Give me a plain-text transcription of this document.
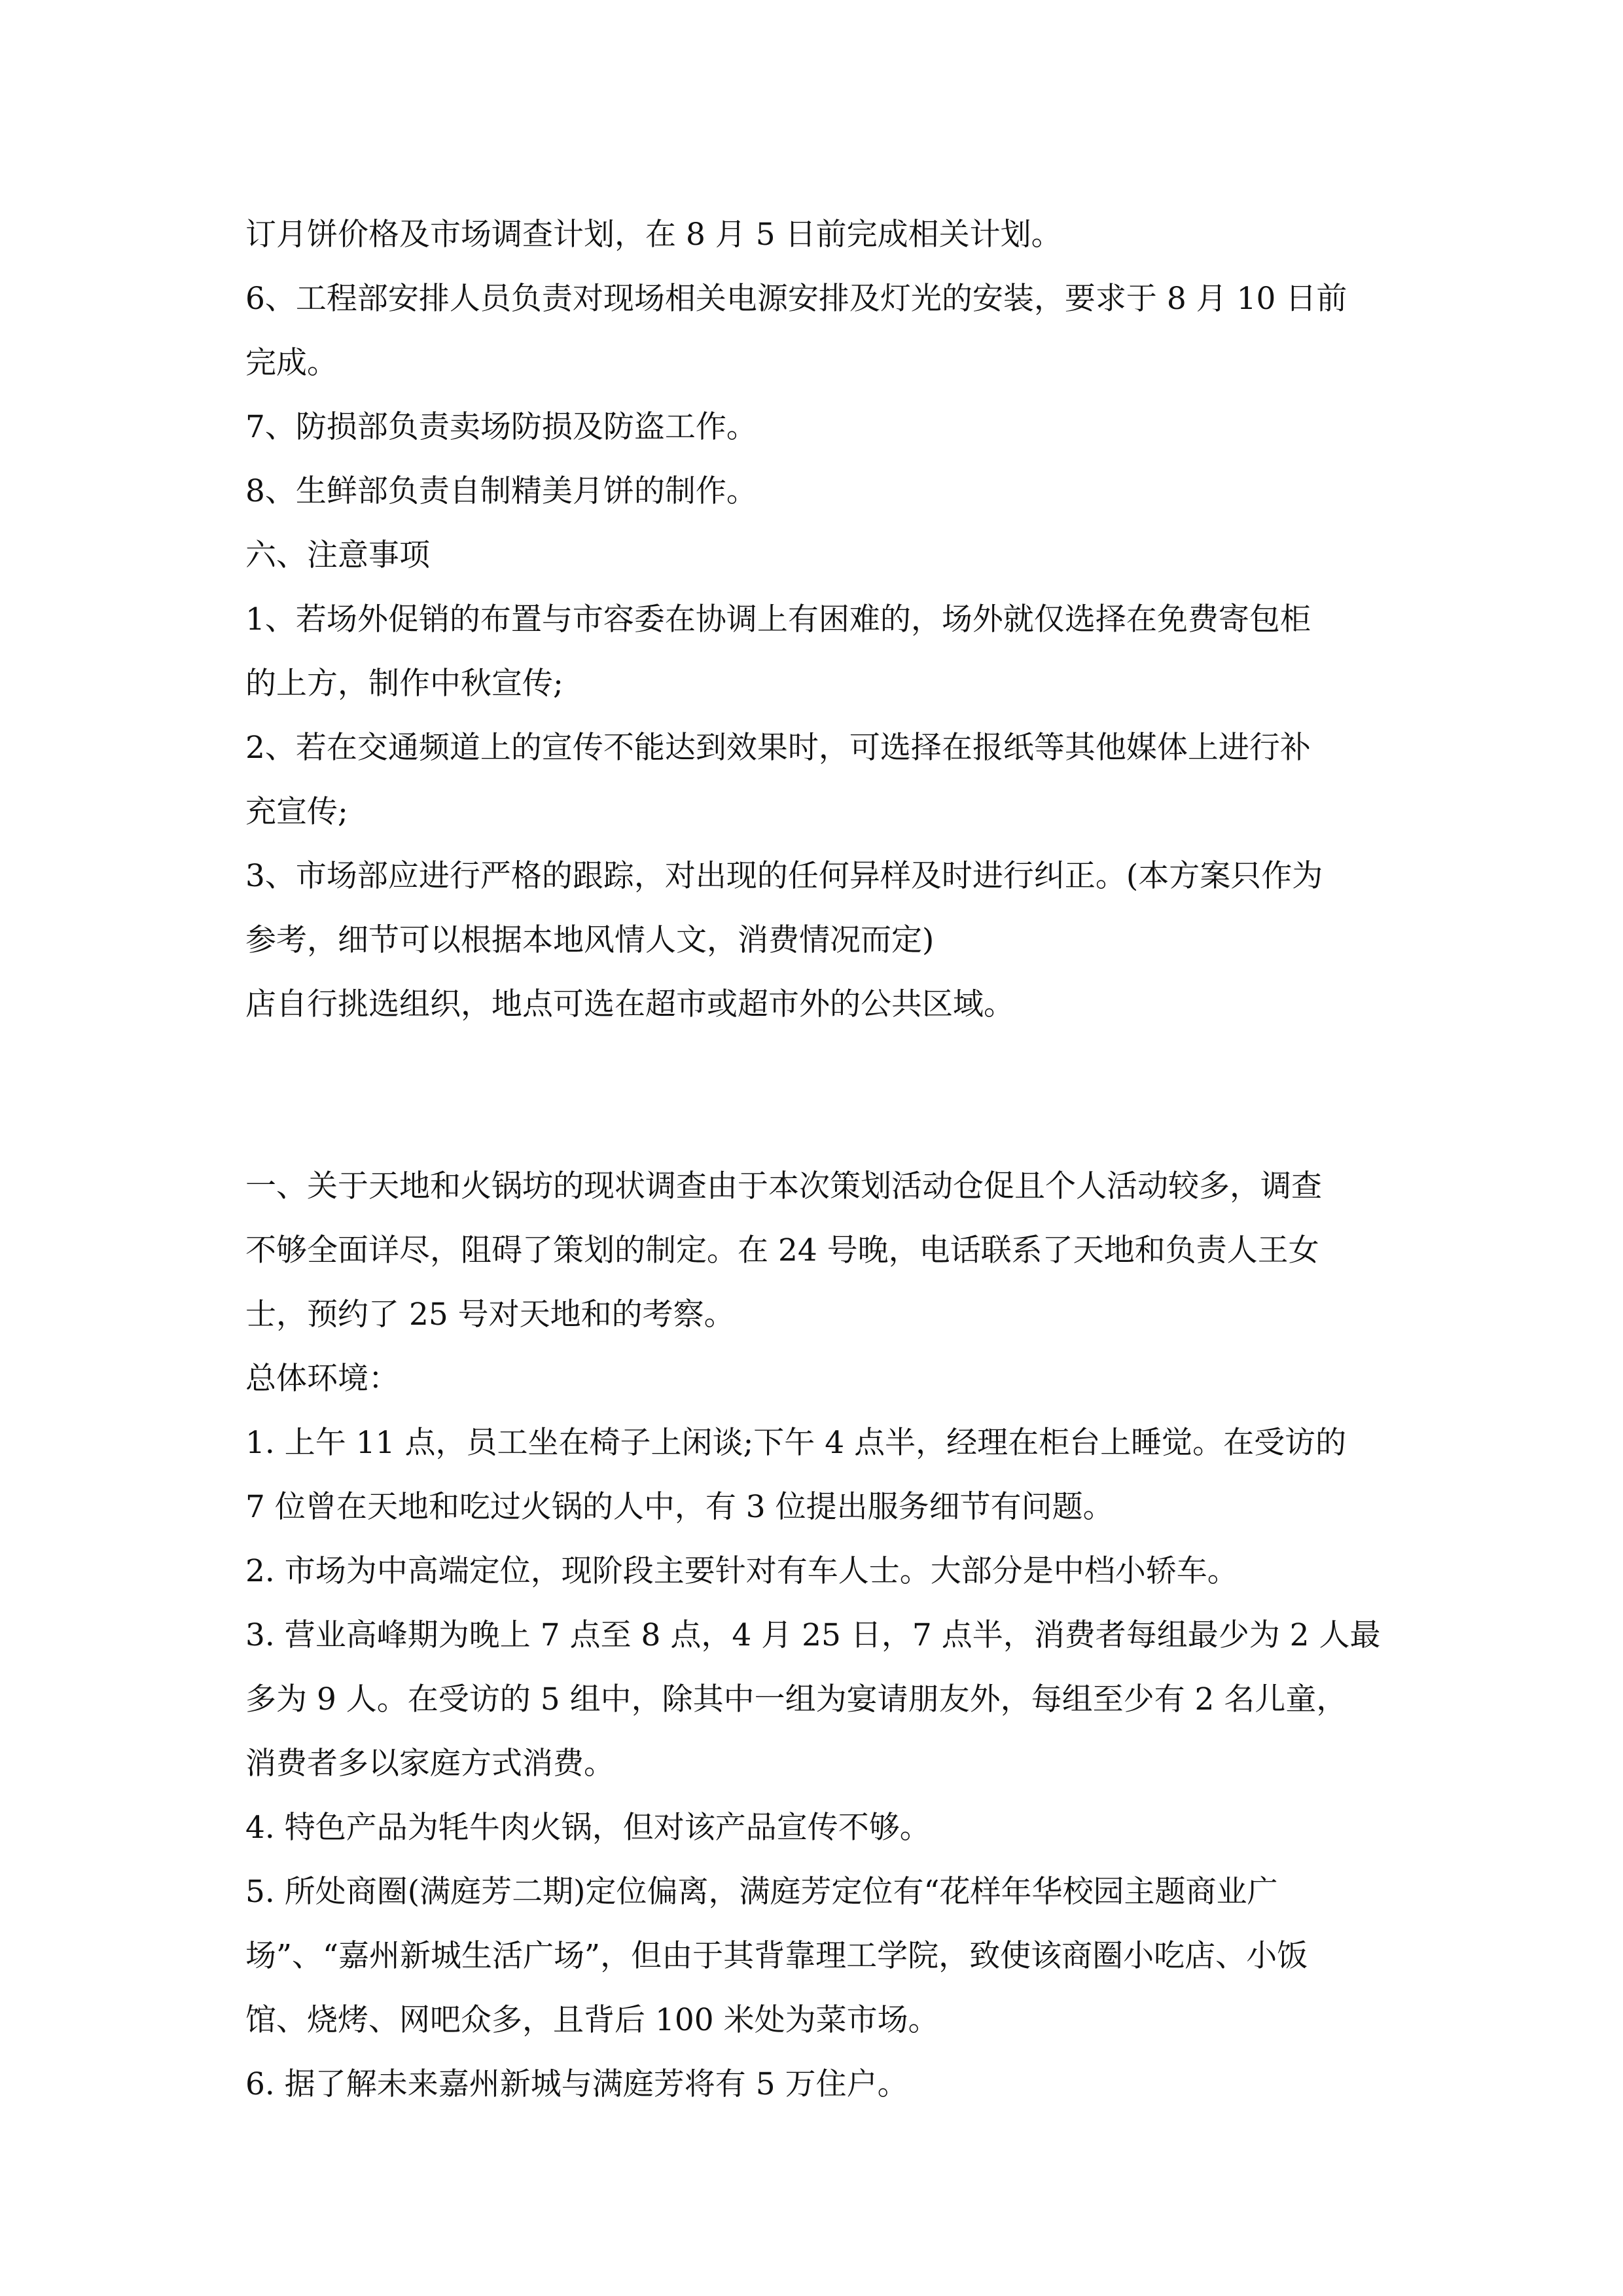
订月饼价格及市场调查计划，在 8 月 5 日前完成相关计划。
6、工程部安排人员负责对现场相关电源安排及灯光的安装，要求于 8 月 10 日前
完成。
7、防损部负责卖场防损及防盗工作。
8、生鲜部负责自制精美月饼的制作。
六、注意事项
1、若场外促销的布置与市容委在协调上有困难的，场外就仅选择在免费寄包柜
的上方，制作中秋宣传;
2、若在交通频道上的宣传不能达到效果时，可选择在报纸等其他媒体上进行补
充宣传;
3、市场部应进行严格的跟踪，对出现的任何异样及时进行纠正。(本方案只作为
参考，细节可以根据本地风情人文，消费情况而定)
店自行挑选组织，地点可选在超市或超市外的公共区域。
一、关于天地和火锅坊的现状调查由于本次策划活动仓促且个人活动较多，调查
不够全面详尽，阻碍了策划的制定。在 24 号晚，电话联系了天地和负责人王女
士，预约了 25 号对天地和的考察。
总体环境：
1. 上午 11 点，员工坐在椅子上闲谈;下午 4 点半，经理在柜台上睡觉。在受访的
7 位曾在天地和吃过火锅的人中，有 3 位提出服务细节有问题。
2. 市场为中高端定位，现阶段主要针对有车人士。大部分是中档小轿车。
3. 营业高峰期为晚上 7 点至 8 点，4 月 25 日，7 点半，消费者每组最少为 2 人最
多为 9 人。在受访的 5 组中，除其中一组为宴请朋友外，每组至少有 2 名儿童，
消费者多以家庭方式消费。
4. 特色产品为牦牛肉火锅，但对该产品宣传不够。
5. 所处商圈(满庭芳二期)定位偏离，满庭芳定位有“花样年华校园主题商业广
场”、“嘉州新城生活广场”，但由于其背靠理工学院，致使该商圈小吃店、小饭
馆、烧烤、网吧众多，且背后 100 米处为菜市场。
6. 据了解未来嘉州新城与满庭芳将有 5 万住户。
